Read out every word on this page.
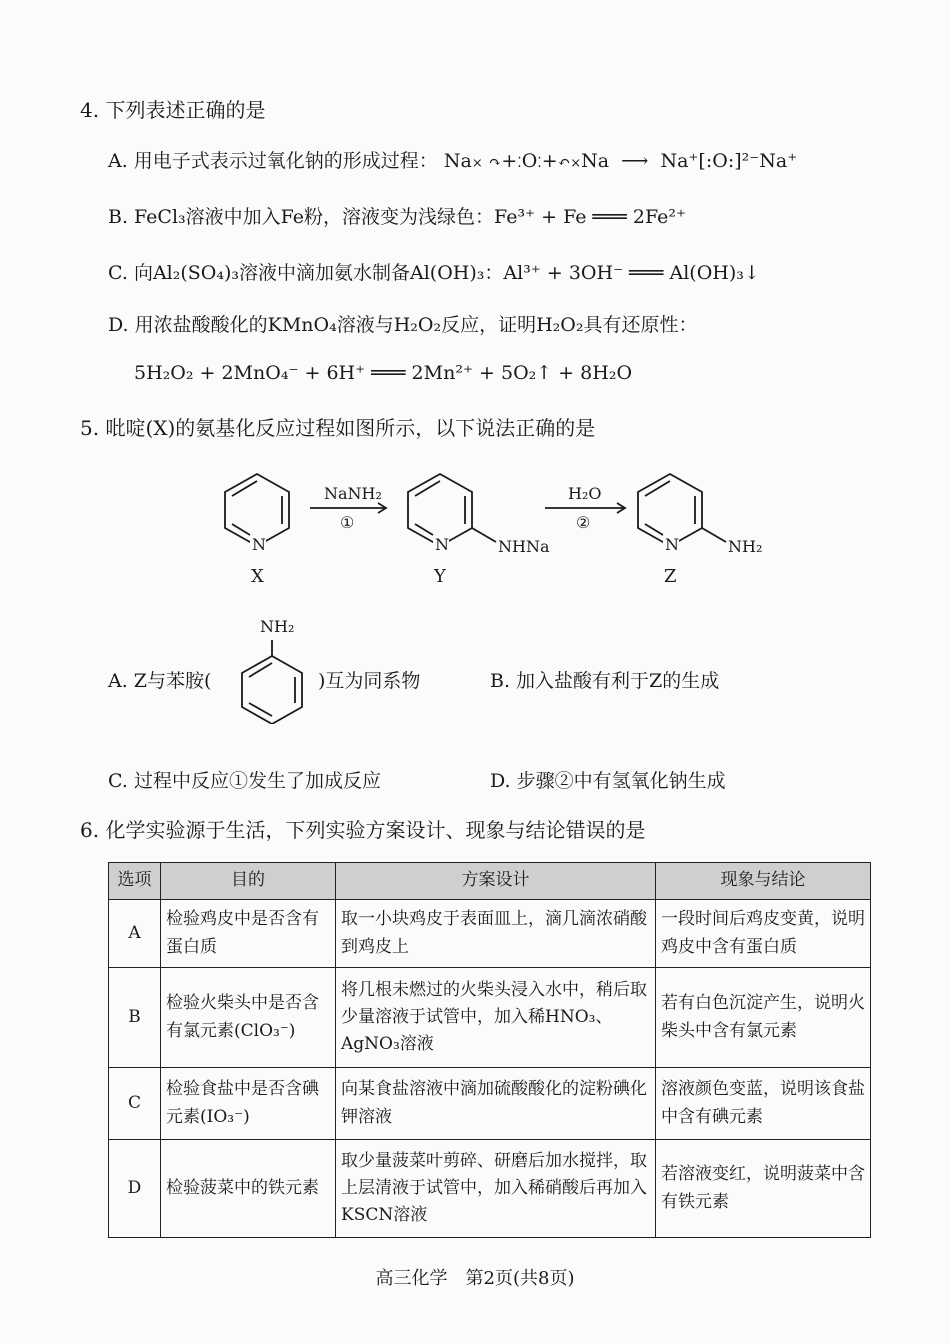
4. 下列表述正确的是
A. 用电子式表示过氧化钠的形成过程： Na× ↷+⁚O⁚+↶×Na ⟶ Na⁺[:O:]²⁻Na⁺
B. FeCl₃溶液中加入Fe粉，溶液变为浅绿色：Fe³⁺ + Fe ═══ 2Fe²⁺
C. 向Al₂(SO₄)₃溶液中滴加氨水制备Al(OH)₃：Al³⁺ + 3OH⁻ ═══ Al(OH)₃↓
D. 用浓盐酸酸化的KMnO₄溶液与H₂O₂反应，证明H₂O₂具有还原性：
5H₂O₂ + 2MnO₄⁻ + 6H⁺ ═══ 2Mn²⁺ + 5O₂↑ + 8H₂O
5. 吡啶(X)的氨基化反应过程如图所示，以下说法正确的是
N	N	N
NHNa	NH₂
NaNH₂
①
H₂O
②
X	Y	Z
A. Z与苯胺(
NH₂
)互为同系物	B. 加入盐酸有利于Z的生成
C. 过程中反应①发生了加成反应	D. 步骤②中有氢氧化钠生成
6. 化学实验源于生活，下列实验方案设计、现象与结论错误的是
选项	目的	方案设计	现象与结论
A	检验鸡皮中是否含有蛋白质	取一小块鸡皮于表面皿上，滴几滴浓硝酸到鸡皮上	一段时间后鸡皮变黄，说明鸡皮中含有蛋白质
B	检验火柴头中是否含有氯元素(ClO₃⁻)	将几根未燃过的火柴头浸入水中，稍后取少量溶液于试管中，加入稀HNO₃、AgNO₃溶液	若有白色沉淀产生，说明火柴头中含有氯元素
C	检验食盐中是否含碘元素(IO₃⁻)	向某食盐溶液中滴加硫酸酸化的淀粉碘化钾溶液	溶液颜色变蓝，说明该食盐中含有碘元素
D	检验菠菜中的铁元素	取少量菠菜叶剪碎、研磨后加水搅拌，取上层清液于试管中，加入稀硝酸后再加入KSCN溶液	若溶液变红，说明菠菜中含有铁元素
高三化学　第2页(共8页)
